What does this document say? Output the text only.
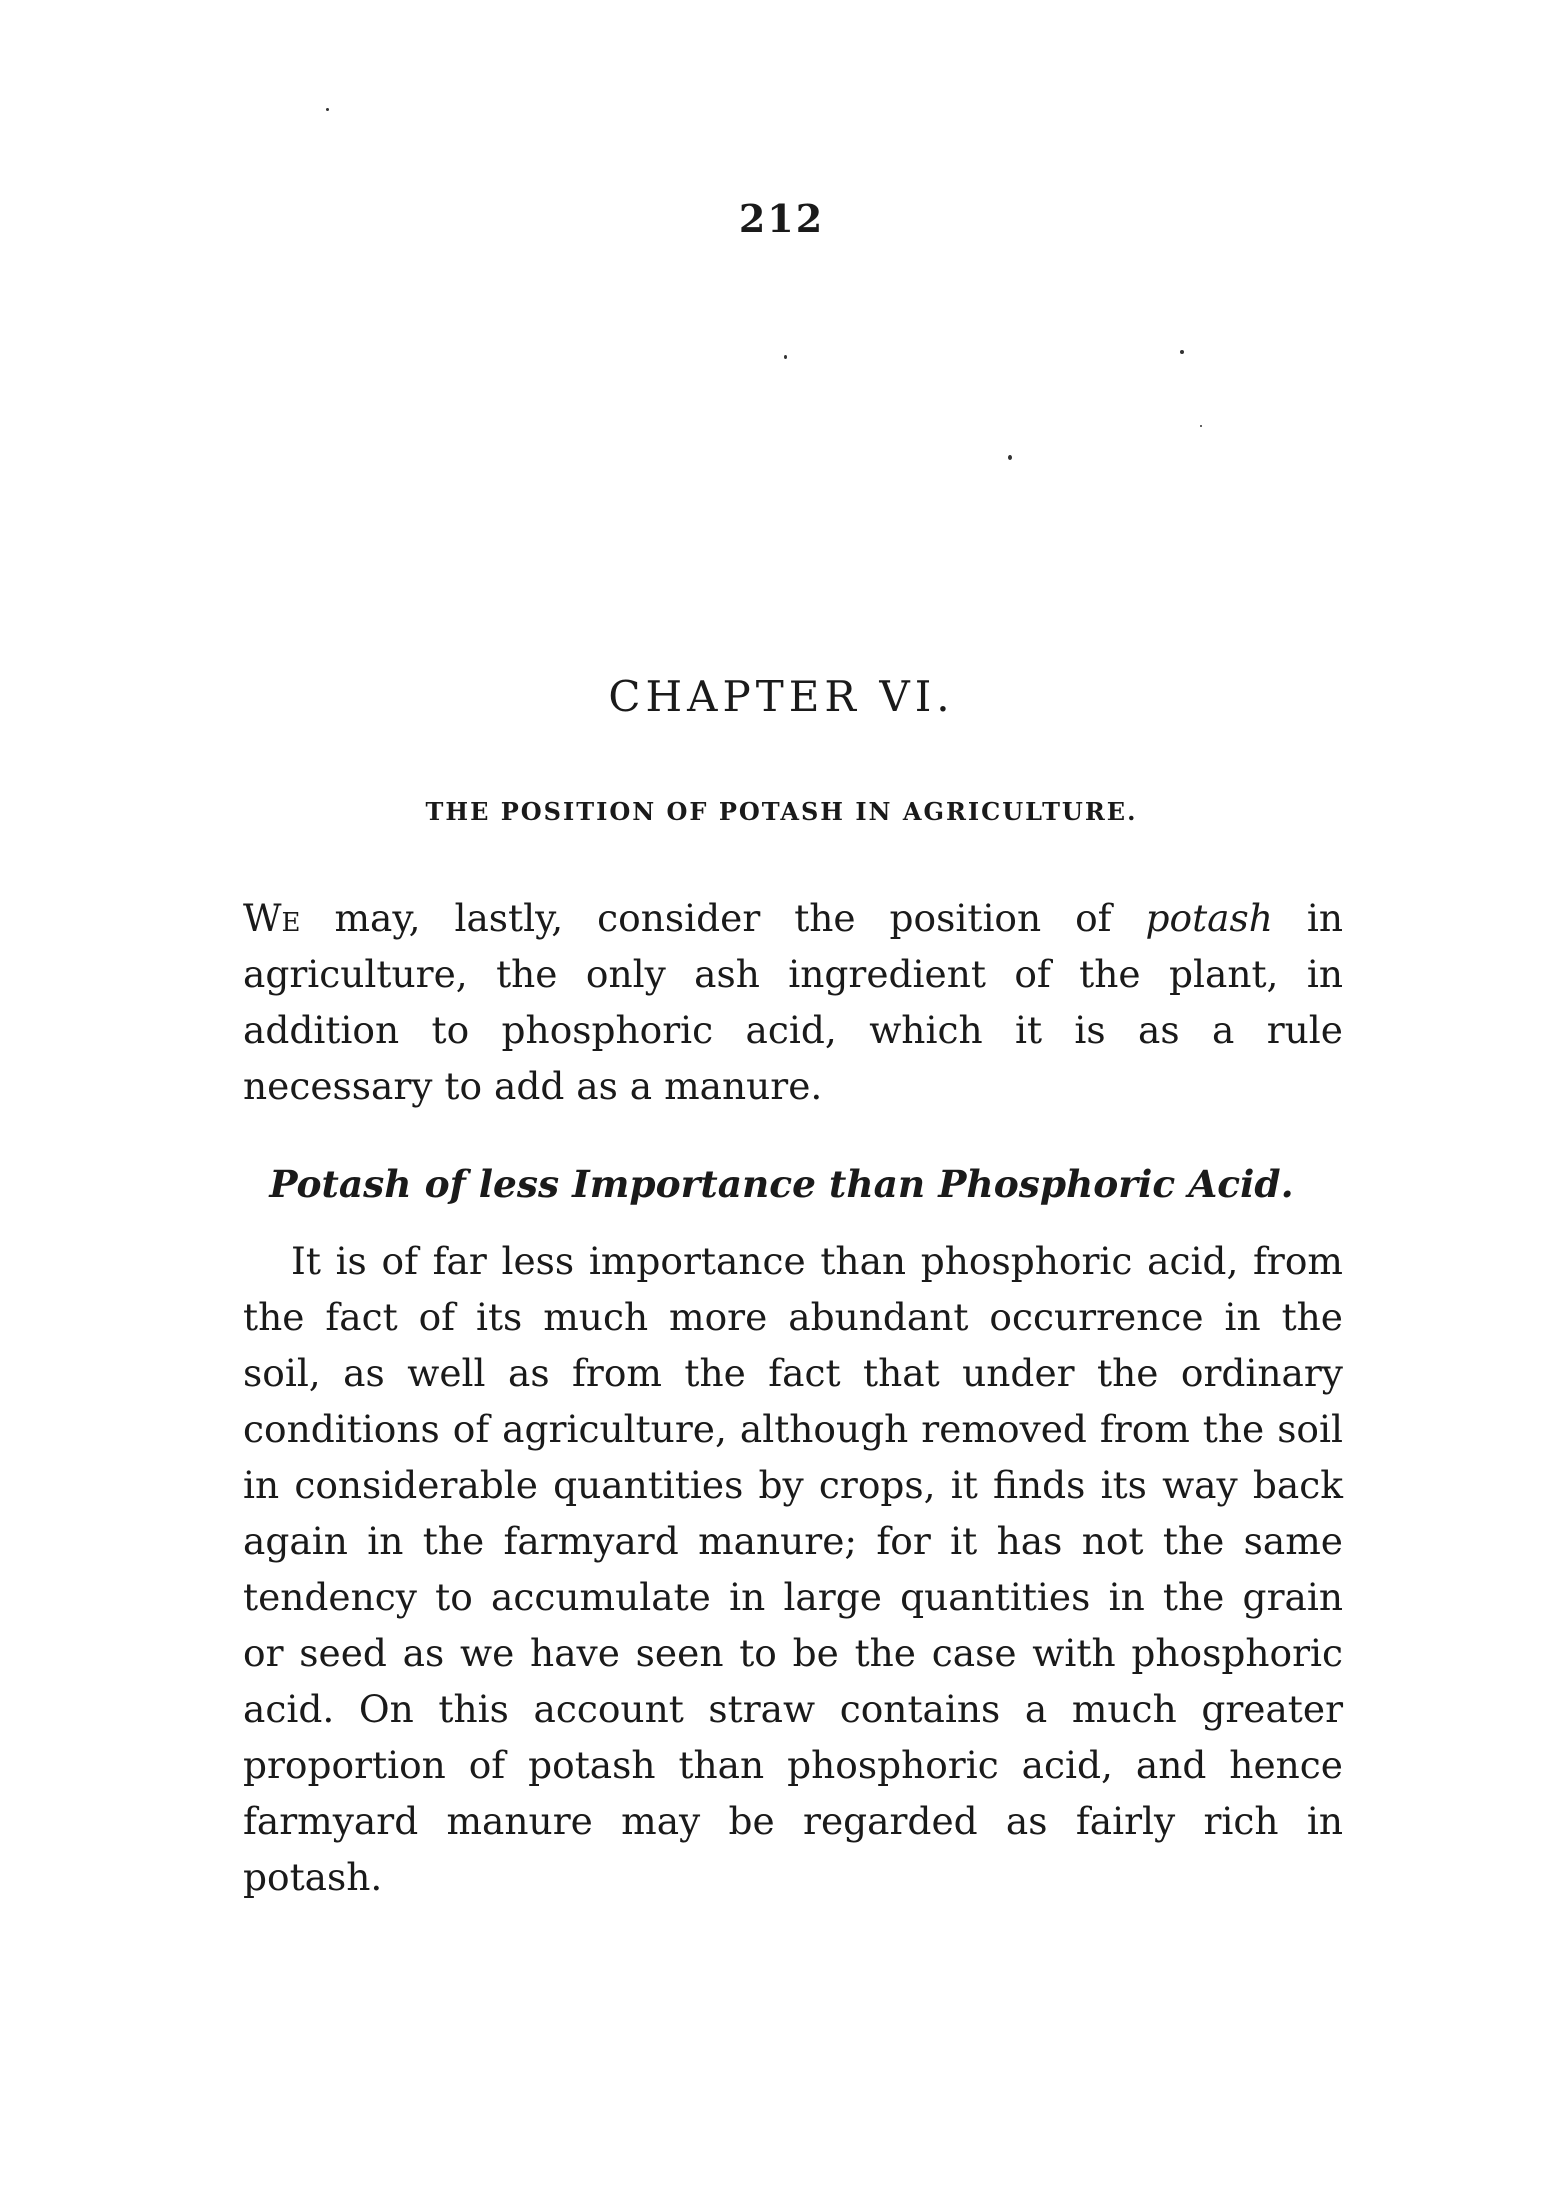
212

CHAPTER VI.
THE POSITION OF POTASH IN AGRICULTURE.

We may, lastly, consider the position of potash in agriculture, the only ash ingredient of the plant, in addition to phosphoric acid, which it is as a rule necessary to add as a manure.

Potash of less Importance than Phosphoric Acid.

It is of far less importance than phosphoric acid, from the fact of its much more abundant occurrence in the soil, as well as from the fact that under the ordinary conditions of agriculture, although removed from the soil in considerable quantities by crops, it finds its way back again in the farmyard manure; for it has not the same tendency to accumulate in large quantities in the grain or seed as we have seen to be the case with phosphoric acid. On this account straw contains a much greater proportion of potash than phosphoric acid, and hence farmyard manure may be regarded as fairly rich in potash.
